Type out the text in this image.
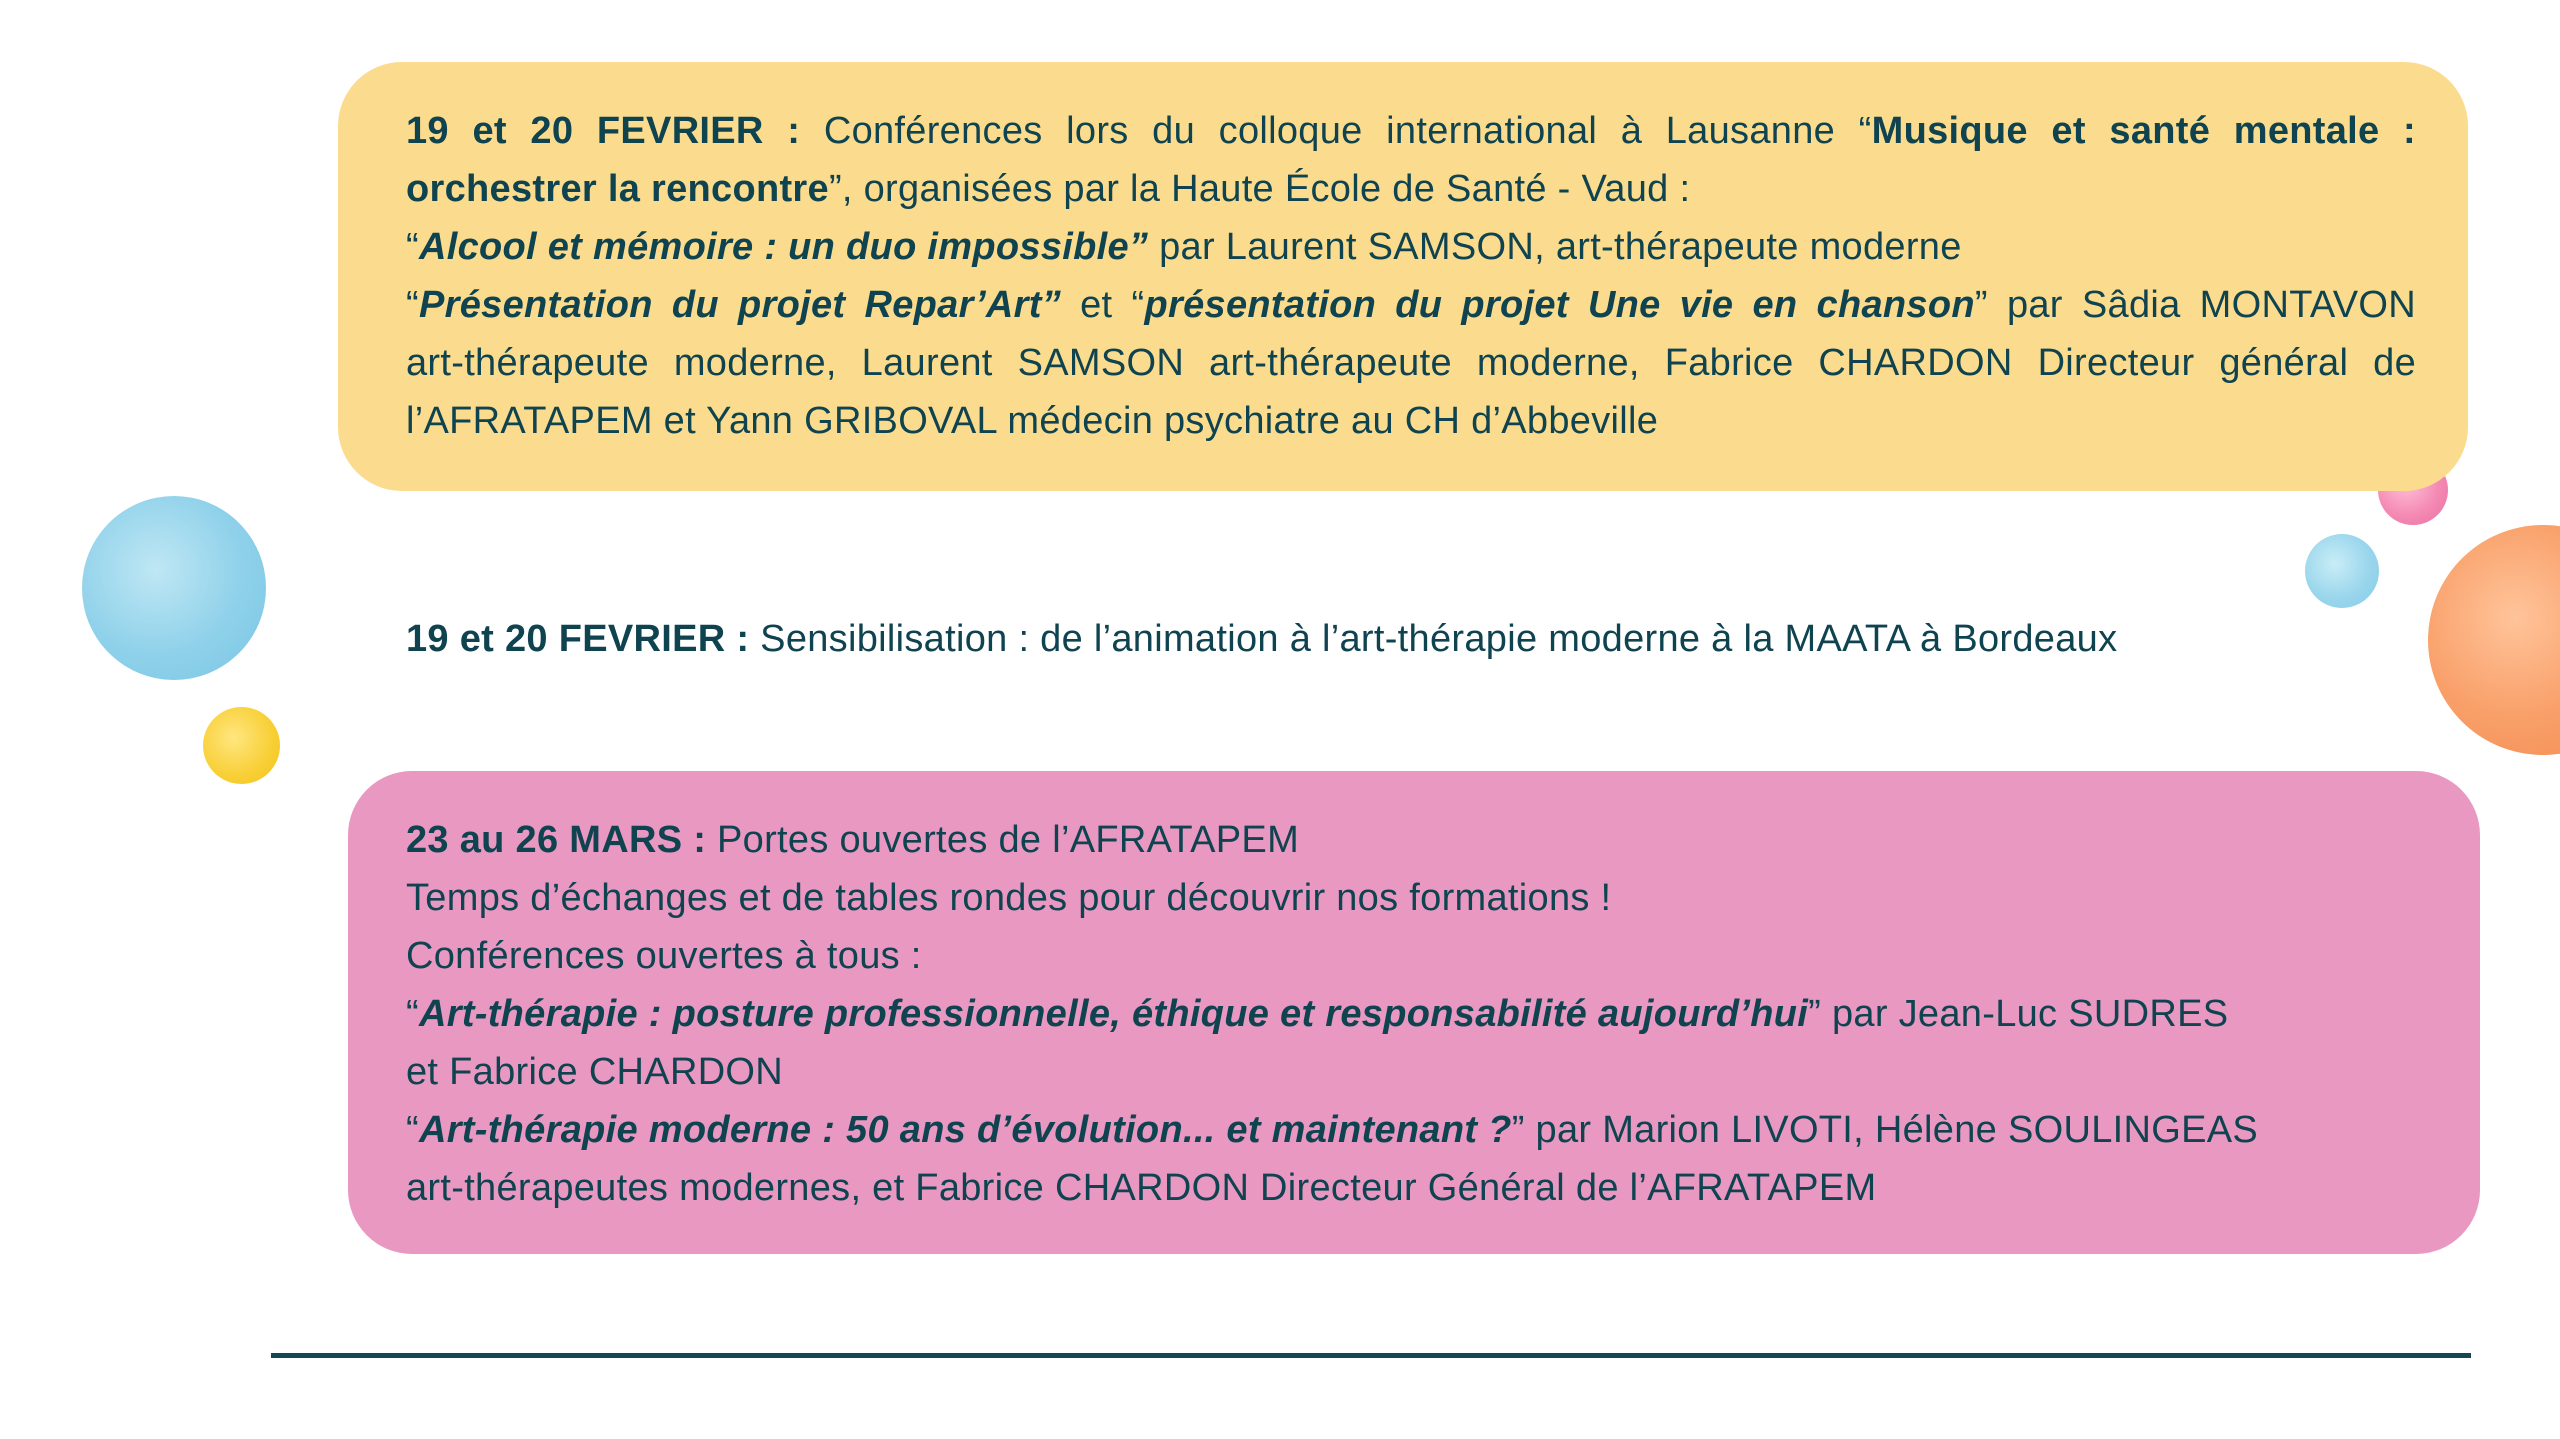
19 et 20 FEVRIER : Conférences lors du colloque international à Lausanne “Musique et santé mentale :

orchestrer la rencontre”, organisées par la Haute École de Santé - Vaud :

“Alcool et mémoire : un duo impossible” par Laurent SAMSON, art-thérapeute moderne

“Présentation du projet Repar’Art” et “présentation du projet Une vie en chanson” par Sâdia MONTAVON

art-thérapeute moderne, Laurent SAMSON art-thérapeute moderne, Fabrice CHARDON Directeur général de

l’AFRATAPEM et Yann GRIBOVAL médecin psychiatre au CH d’Abbeville

19 et 20 FEVRIER : Sensibilisation : de l’animation à l’art-thérapie moderne à la MAATA à Bordeaux

23 au 26 MARS : Portes ouvertes de l’AFRATAPEM

Temps d’échanges et de tables rondes pour découvrir nos formations !

Conférences ouvertes à tous :

“Art-thérapie : posture professionnelle, éthique et responsabilité aujourd’hui” par Jean-Luc SUDRES

et Fabrice CHARDON

“Art-thérapie moderne : 50 ans d’évolution... et maintenant ?” par Marion LIVOTI, Hélène SOULINGEAS

art-thérapeutes modernes, et Fabrice CHARDON Directeur Général de l’AFRATAPEM
